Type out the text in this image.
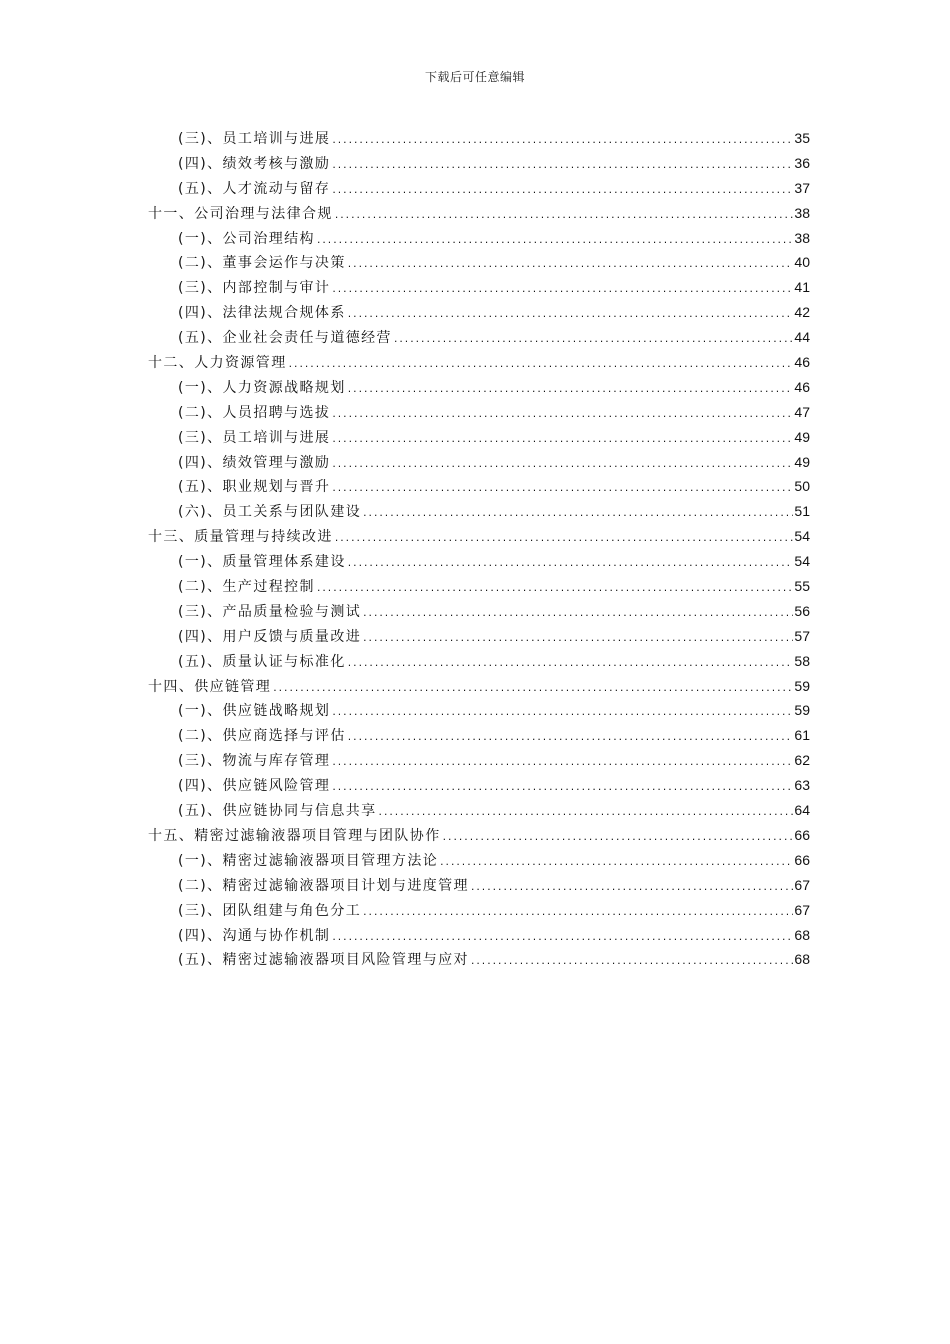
下载后可任意编辑
(三)、员工培训与进展 .....	35
(四)、绩效考核与激励 .....	36
(五)、人才流动与留存 .....	37
十一、公司治理与法律合规 .....	38
(一)、公司治理结构 .....	38
(二)、董事会运作与决策 .....	40
(三)、内部控制与审计 .....	41
(四)、法律法规合规体系 .....	42
(五)、企业社会责任与道德经营 .....	44
十二、人力资源管理 .....	46
(一)、人力资源战略规划 .....	46
(二)、人员招聘与选拔 .....	47
(三)、员工培训与进展 .....	49
(四)、绩效管理与激励 .....	49
(五)、职业规划与晋升 .....	50
(六)、员工关系与团队建设 .....	51
十三、质量管理与持续改进 .....	54
(一)、质量管理体系建设 .....	54
(二)、生产过程控制 .....	55
(三)、产品质量检验与测试 .....	56
(四)、用户反馈与质量改进 .....	57
(五)、质量认证与标准化 .....	58
十四、供应链管理 .....	59
(一)、供应链战略规划 .....	59
(二)、供应商选择与评估 .....	61
(三)、物流与库存管理 .....	62
(四)、供应链风险管理 .....	63
(五)、供应链协同与信息共享 .....	64
十五、精密过滤输液器项目管理与团队协作 .....	66
(一)、精密过滤输液器项目管理方法论 .....	66
(二)、精密过滤输液器项目计划与进度管理 .....	67
(三)、团队组建与角色分工 .....	67
(四)、沟通与协作机制 .....	68
(五)、精密过滤输液器项目风险管理与应对 .....	68
